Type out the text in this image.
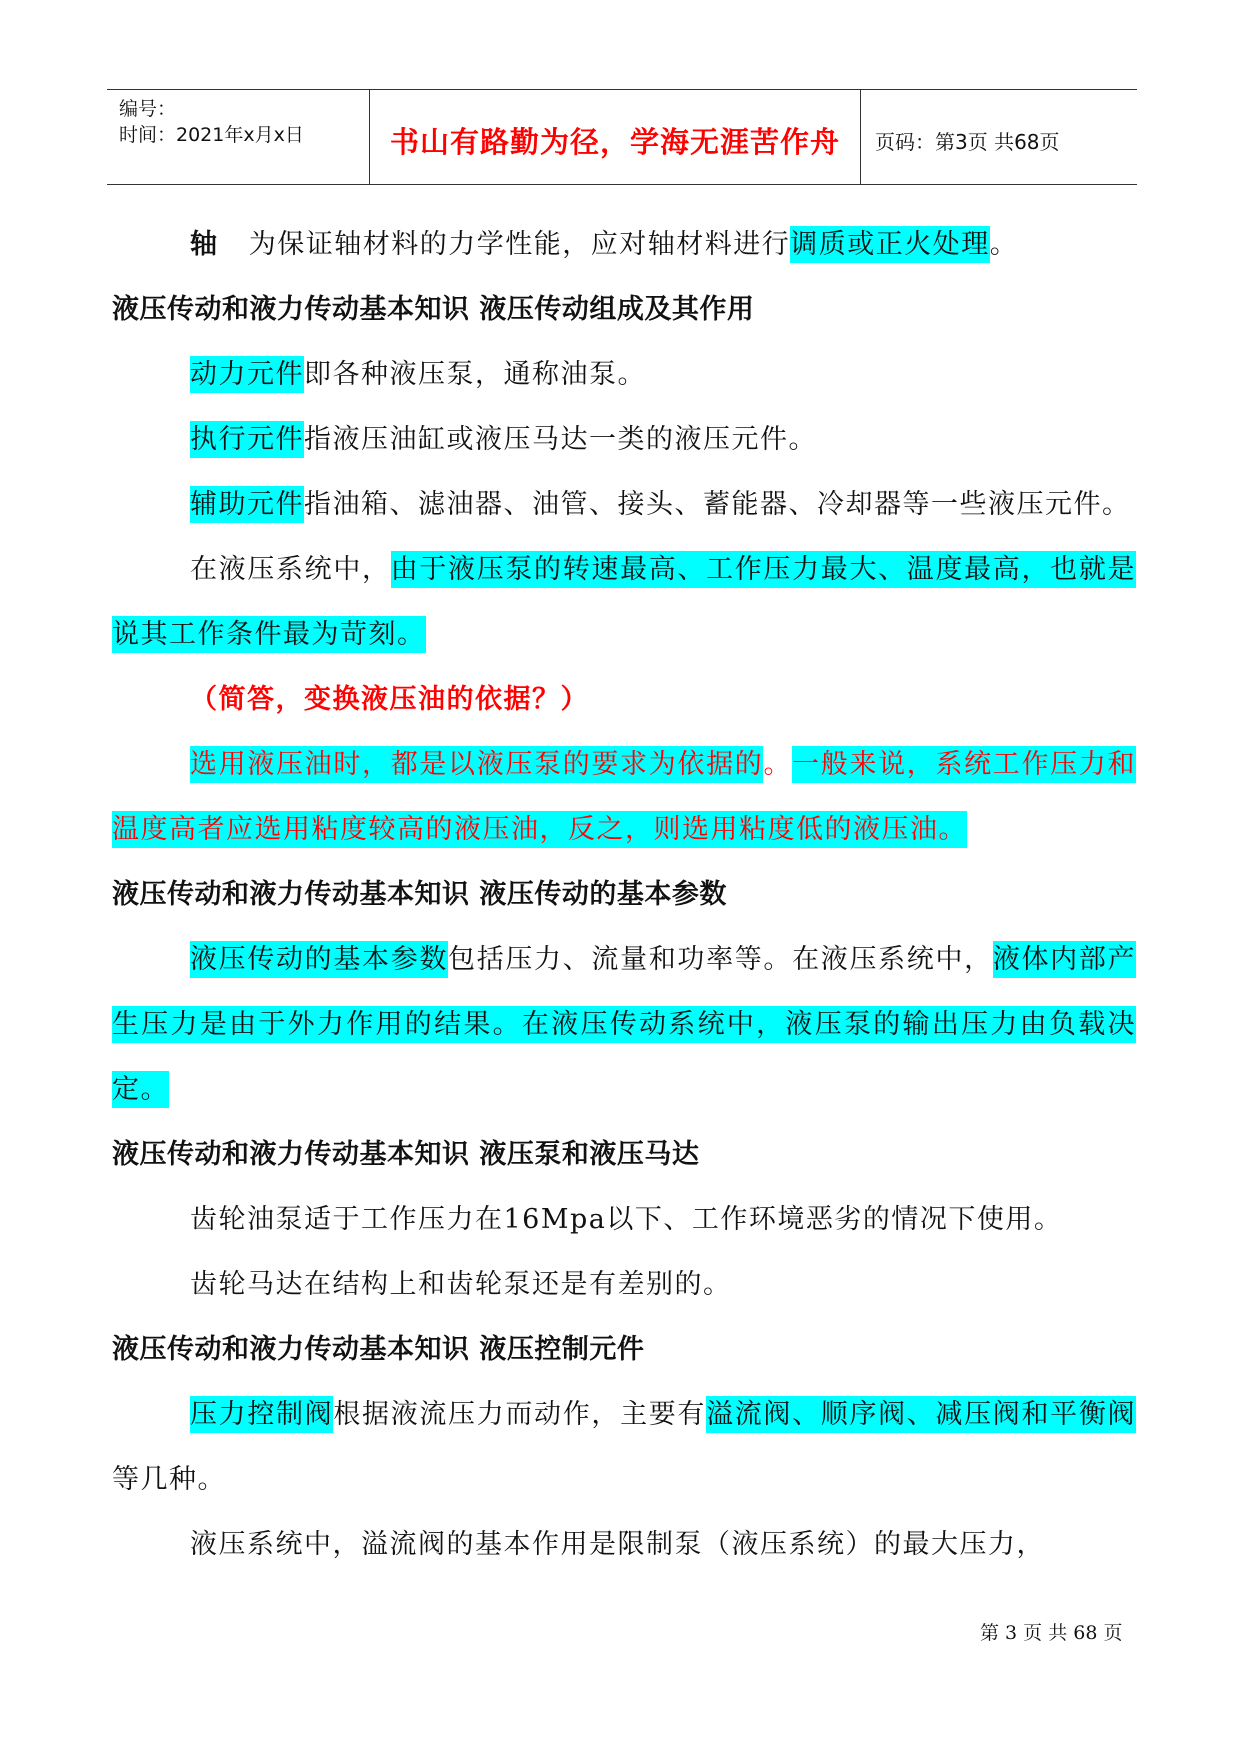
编号：
时间：2021年x月x日	书山有路勤为径，学海无涯苦作舟	页码：第3页 共68页

轴 为保证轴材料的力学性能，应对轴材料进行调质或正火处理。

液压传动和液力传动基本知识 液压传动组成及其作用

动力元件即各种液压泵，通称油泵。

执行元件指液压油缸或液压马达一类的液压元件。

辅助元件指油箱、滤油器、油管、接头、蓄能器、冷却器等一些液压元件。

在液压系统中，由于液压泵的转速最高、工作压力最大、温度最高，也就是说其工作条件最为苛刻。

（简答，变换液压油的依据？）

选用液压油时，都是以液压泵的要求为依据的。一般来说，系统工作压力和温度高者应选用粘度较高的液压油，反之，则选用粘度低的液压油。

液压传动和液力传动基本知识 液压传动的基本参数

液压传动的基本参数包括压力、流量和功率等。在液压系统中，液体内部产生压力是由于外力作用的结果。在液压传动系统中，液压泵的输出压力由负载决定。

液压传动和液力传动基本知识 液压泵和液压马达

齿轮油泵适于工作压力在16Mpa以下、工作环境恶劣的情况下使用。

齿轮马达在结构上和齿轮泵还是有差别的。

液压传动和液力传动基本知识 液压控制元件

压力控制阀根据液流压力而动作，主要有溢流阀、顺序阀、减压阀和平衡阀等几种。

液压系统中，溢流阀的基本作用是限制泵（液压系统）的最大压力，

第 3 页 共 68 页
